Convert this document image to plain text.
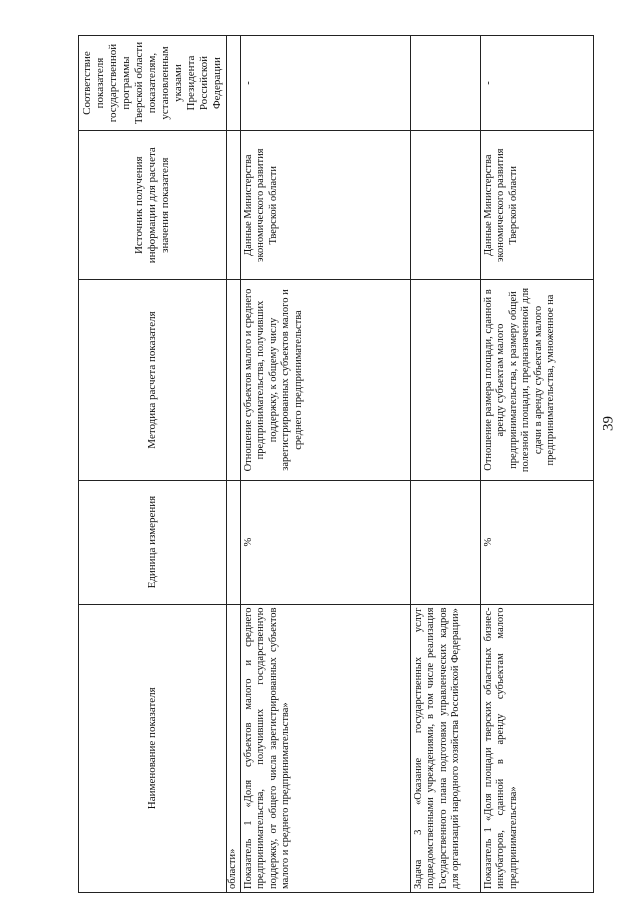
39
Наименование показателя	Единица измерения	Методика расчета показателя	Источник получения информации для расчета значения показателя	Соответствие показателя государственной программы Тверской области показателям, установленным указами Президента Российской Федерации
области»				
Показатель 1 «Доля субъектов малого и среднего предпринимательства, получивших государственную поддержку, от общего числа зарегистрированных субъектов малого и среднего предпринимательства»	%	Отношение субъектов малого и среднего предпринимательства, получивших поддержку, к общему числу зарегистрированных субъектов малого и среднего предпринимательства	Данные Министерства экономического развития Тверской области	-
Задача 3 «Оказание государственных услуг подведомственными учреждениями, в том числе реализация Государственного плана подготовки управленческих кадров для организаций народного хозяйства Российской Федерации»				
Показатель 1 «Доля площади тверских областных бизнес-инкубаторов, сданной в аренду субъектам малого предпринимательства»	%	Отношение размера площади, сданной в аренду субъектам малого предпринимательства, к размеру общей полезной площади, предназначенной для сдачи в аренду субъектам малого предпринимательства, умноженное на	Данные Министерства экономического развития Тверской области	-
